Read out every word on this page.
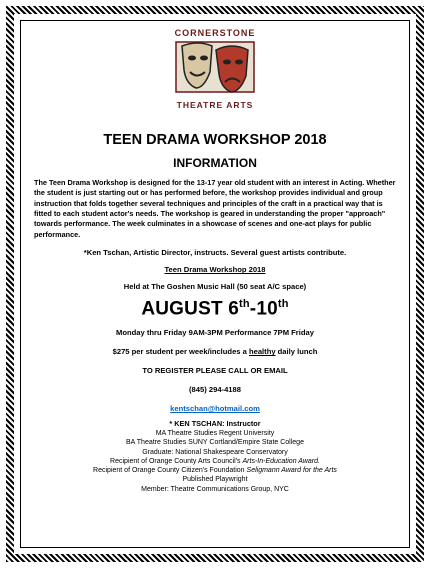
CORNERSTONE
THEATRE ARTS
TEEN DRAMA WORKSHOP 2018
INFORMATION
The Teen Drama Workshop is designed for the 13-17 year old student with an interest in Acting. Whether the student is just starting out or has performed before, the workshop provides individual and group instruction that folds together several techniques and principles of the craft in a practical way that is fitted to each student actor's needs. The workshop is geared in understanding the proper "approach" towards performance. The week culminates in a showcase of scenes and one-act plays for public performance.
*Ken Tschan, Artistic Director, instructs. Several guest artists contribute.
Teen Drama Workshop 2018
Held at The Goshen Music Hall (50 seat A/C space)
AUGUST 6th-10th
Monday thru Friday 9AM-3PM Performance 7PM Friday
$275 per student per week/includes a healthy daily lunch
TO REGISTER PLEASE CALL OR EMAIL
(845) 294-4188
kentschan@hotmail.com
* KEN TSCHAN: Instructor
MA Theatre Studies Regent University
BA Theatre Studies SUNY Cortland/Empire State College
Graduate: National Shakespeare Conservatory
Recipient of Orange County Arts Council's Arts-In-Education Award.
Recipient of Orange County Citizen's Foundation Seligmann Award for the Arts
Published Playwright
Member: Theatre Communications Group, NYC
